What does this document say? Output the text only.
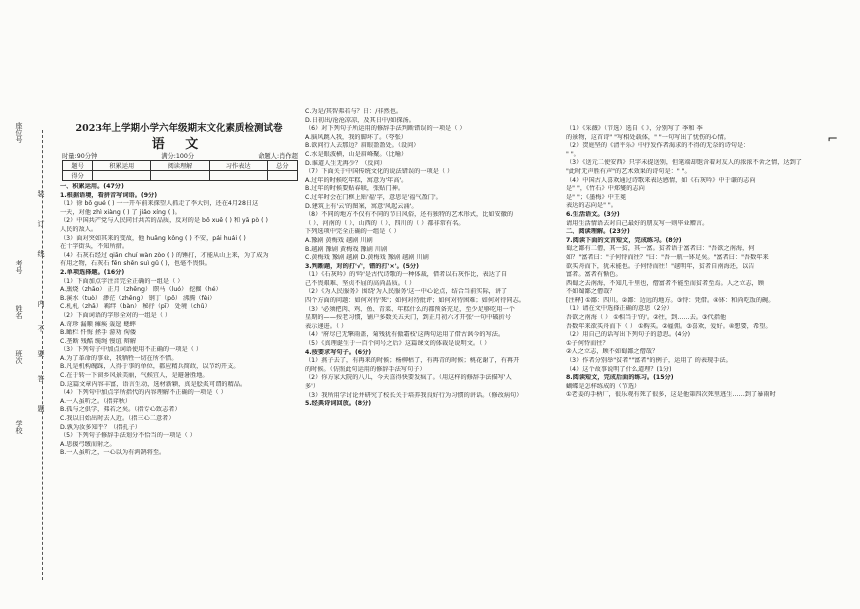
座位号
装
订
线
考号
姓名
内
不
要
答
班次
题
学校
2023年上学期小学六年级期末文化素质检测试卷
语 文
时量:90分钟	满分:100分	命题人:肖作超
题号	积累运用	阅读理解	习作表达	总分
得分				

一、积累运用。(47分)

1.根据语境，看拼音写词语。(9分)

（1）徐 bō gué ( ) 一一开车前来探望人抓走了李大钊，还在4月28日这

一天，对他 zhì xiàng ( ) 了 jiǎo xíng ( )。

（2）中国共产党与人民同甘共苦的品质，反对的是 bō xuē ( ) 和 yā pò ( )

人民的敌人。

（3）面对突如其来的变故，他 huāng kǒng ( ) 不安，pái huái ( )

在十字街头，不知所措。

（4）石灰石经过 qiān chuí wàn zòo ( ) 的锤打，才能从山上来，为了成为

有用之物，石灰石 fēn shēn suì gǔ ( )，也毫不畏惧。

2.单项选择题。(16分)

（1）下面加点字注音完全正确的一组是（ ）

A.熏烧（zhāo） 正月（zhēng） 瞑马（luó） 挖掘（hé）

B.溪水（tuò） 渺茫（zhēng） 钢丁（pō） 沸腾（fèi）

C.札札（zhā） 羁绊（bàn） 秘抒（pī） 处境（chǔ）

（2）下面词语的字形全对的一组是（ ）

A.奇珍 漏顺 瘫痪 轰逗 蟋蟀

B.瞰栏 忏悔 拯手 游劝 佝偻

C.垄断 残酷 缆绳 慢谊 辩解

（3）下列句子中加点词语使用不正确的一项是（ ）

A.为了革命的事业，我牺牲一切在所不惜。

B.凡是机构魄踩，人得于事的单位，都应精兵简政，以节约开支。

C.在于转一下窗乡风景美丽，气候宜人，是避暑胜地。

D.这篇文章内容丰富，语言生动，选材新颖，真是脍炙可谓的精品。

（4）下列句中加点字所指代的内容理解不正确的一项是（ ）

A.一人虽听之。（指弈秋）

B.孤与之俱学，弗若之矣。（指专心致志者）

C.我以日始出时去人近。（指三心二意者）

D.孰为汝多知乎？（指孔子）

（5）下列句子修辞手法划分不恰当的一项是（ ）

A.思援弓缴而射之。

B.一人虽听之，一心以为有鸿鹄将至。

C.为是/其智弗若与？日：/非然也。

D.日初出/沧沧凉凉，及其日中/如探汤。

（6）对下列句子所运用的修辞手法判断错误的一项是（ ）

A.脑风跳入我，我的脚坏了。（夸张）

B.欲问行人去那边？眉眼盈盈处。（设问）

C.水是眼波横，山是眉峰聚。（比喻）

D.谁道人生无再少？（反问）

（7）下面关于中国传统文化的说法错误的一项是（ ）

A.过年的时候吃年糕，寓意为'年高'。

B.过年的时候要贴春联，张贴门神。

C.过年时会在门框上贴'福'字，意思是'福气盈门'。

D.建筑上有'云'的图案，寓意'风起云涌'。

（8）不同的地方不仅有不同的节日风俗，还有独特的艺术形式，比如安徽的

（ ）、河南的（ ）、山西的（ ）、四川的（ ）都非常有名。

下列选项中完全正确的一组是（ ）

A.豫剧 黄梅戏 越剧 川剧

B.越剧 豫剧 黄梅戏 豫剧 川剧

C.黄梅戏 豫剧 越剧 D.黄梅戏 豫剧 越剧 川剧

3.判断题，对的打'√'，错的打'×'。(5分)

（1）《石灰吟》的'吟'是古代诗歌的一种体裁，借者以石灰作比，表达了自

己不畏艰难、坚贞不屈的高尚品质。（ ）

（2）《为人民服务》围绕'为人民服务'这一中心论点，结合当前实际，讲了

四个方面的问题：如何对待'死'；如何对待批评；如何对待困难；如何对待同志。

（3）'必须把肉、鸡、鱼、青菜、年糕什么的都预备充足，至少足够吃用一个

星期的——按老习惯，铺户多数关五天门，到正月初六才开张'一句中破折号

表示递进。（ ）

（4）'府尽已无擎雨盖，菊残犹有傲霜枝'这两句运用了借古讽今的写法。

（5）《真理诞生于一百个问号之后》这篇课文的体裁是说明文。（ ）

4.按要求写句子。(6分)

（1）燕子去了，有再来的时候；杨柳枯了，有再青的时候；桃花谢了，有再开

的时候。（仿照此句运用的修辞手法写句子）

（2）你方家大院的八儿，今天喜得快要发疯了。（用这样的修辞手法描写'人

多'）

（3）我所用学讨论并研究了校长关于培养我良好行为习惯的讲话。（修改病句）

5.经典诗词回放。(8分)

（1）《采薇》（节选）选自《 》，分别写了 季和 季

的景物，这首诗" "写相处载体，" "一句写出了忧伤的心情。

（2）贺庭坚的《清平乐》中抒发作者渴求的不得的无奈的诗句是：

" "。

（3）《送元二使安西》只字未提送别，但笔端却饱含着对友人的浓浓不舍之情，达到了

"此时无声胜有声"的艺术效果的诗句是：" "。

（4）中国古人喜欢通过诗歌来表达感情，如《石灰吟》中于谦的志向

是" "，《竹石》中郑燮的志向

是" "；《墨梅》中王冕

表达的志向是" "。

6.生活语文。(3分)

请用生活情语去对自己最好的朋友写一则毕业赠言。

二、阅读理解。(23分)

7.阅读下面的文言短文，完成练习。(8分)

蜀之鄙有二僧，其一贫，其一富。贫者语于富者曰："吾欲之南海，何

如？"富者曰："子何恃而往？"曰："吾一瓶一钵足矣。"富者曰："吾数年来

欲买舟而下，犹未能也。子何恃而往！"越明年，贫者自南海还，以告

富者。富者有惭色。

西蜀之去南海，不知几千里也，僧富者不能至而贫者至焉。人之立志，顾

不如蜀鄙之僧哉？

[注释] ①鄙：四川。②鄙：边远的地方。③恃：凭借。④钵：和尚吃饭的碗。

（1）请在文中选择正确的意思（2分）

吾欲之南海（ ） ①相当于'的'。②往，到……去。③代指他

吾数年来欲买舟而下（ ） ①购买。②雇佣。③喜欢，爱好。④想要，希望。

（2）用自己的话写出下列句子的意思。(4分)

①子何恃而往？

②人之立志，顾不如蜀鄙之僧哉？

（3）作者分别举"贫者""富者"的例子，运用了 的表现手法。

（4）这个故事说明了什么道理？(1分)

8.阅读短文，完成后面的练习。(15分)

蝴蝶是怎样练成的（节选）

①老姜的手柄厂，很乐观有死了很多，这是他第四次死里逃生……到了暴雨时

⌐
